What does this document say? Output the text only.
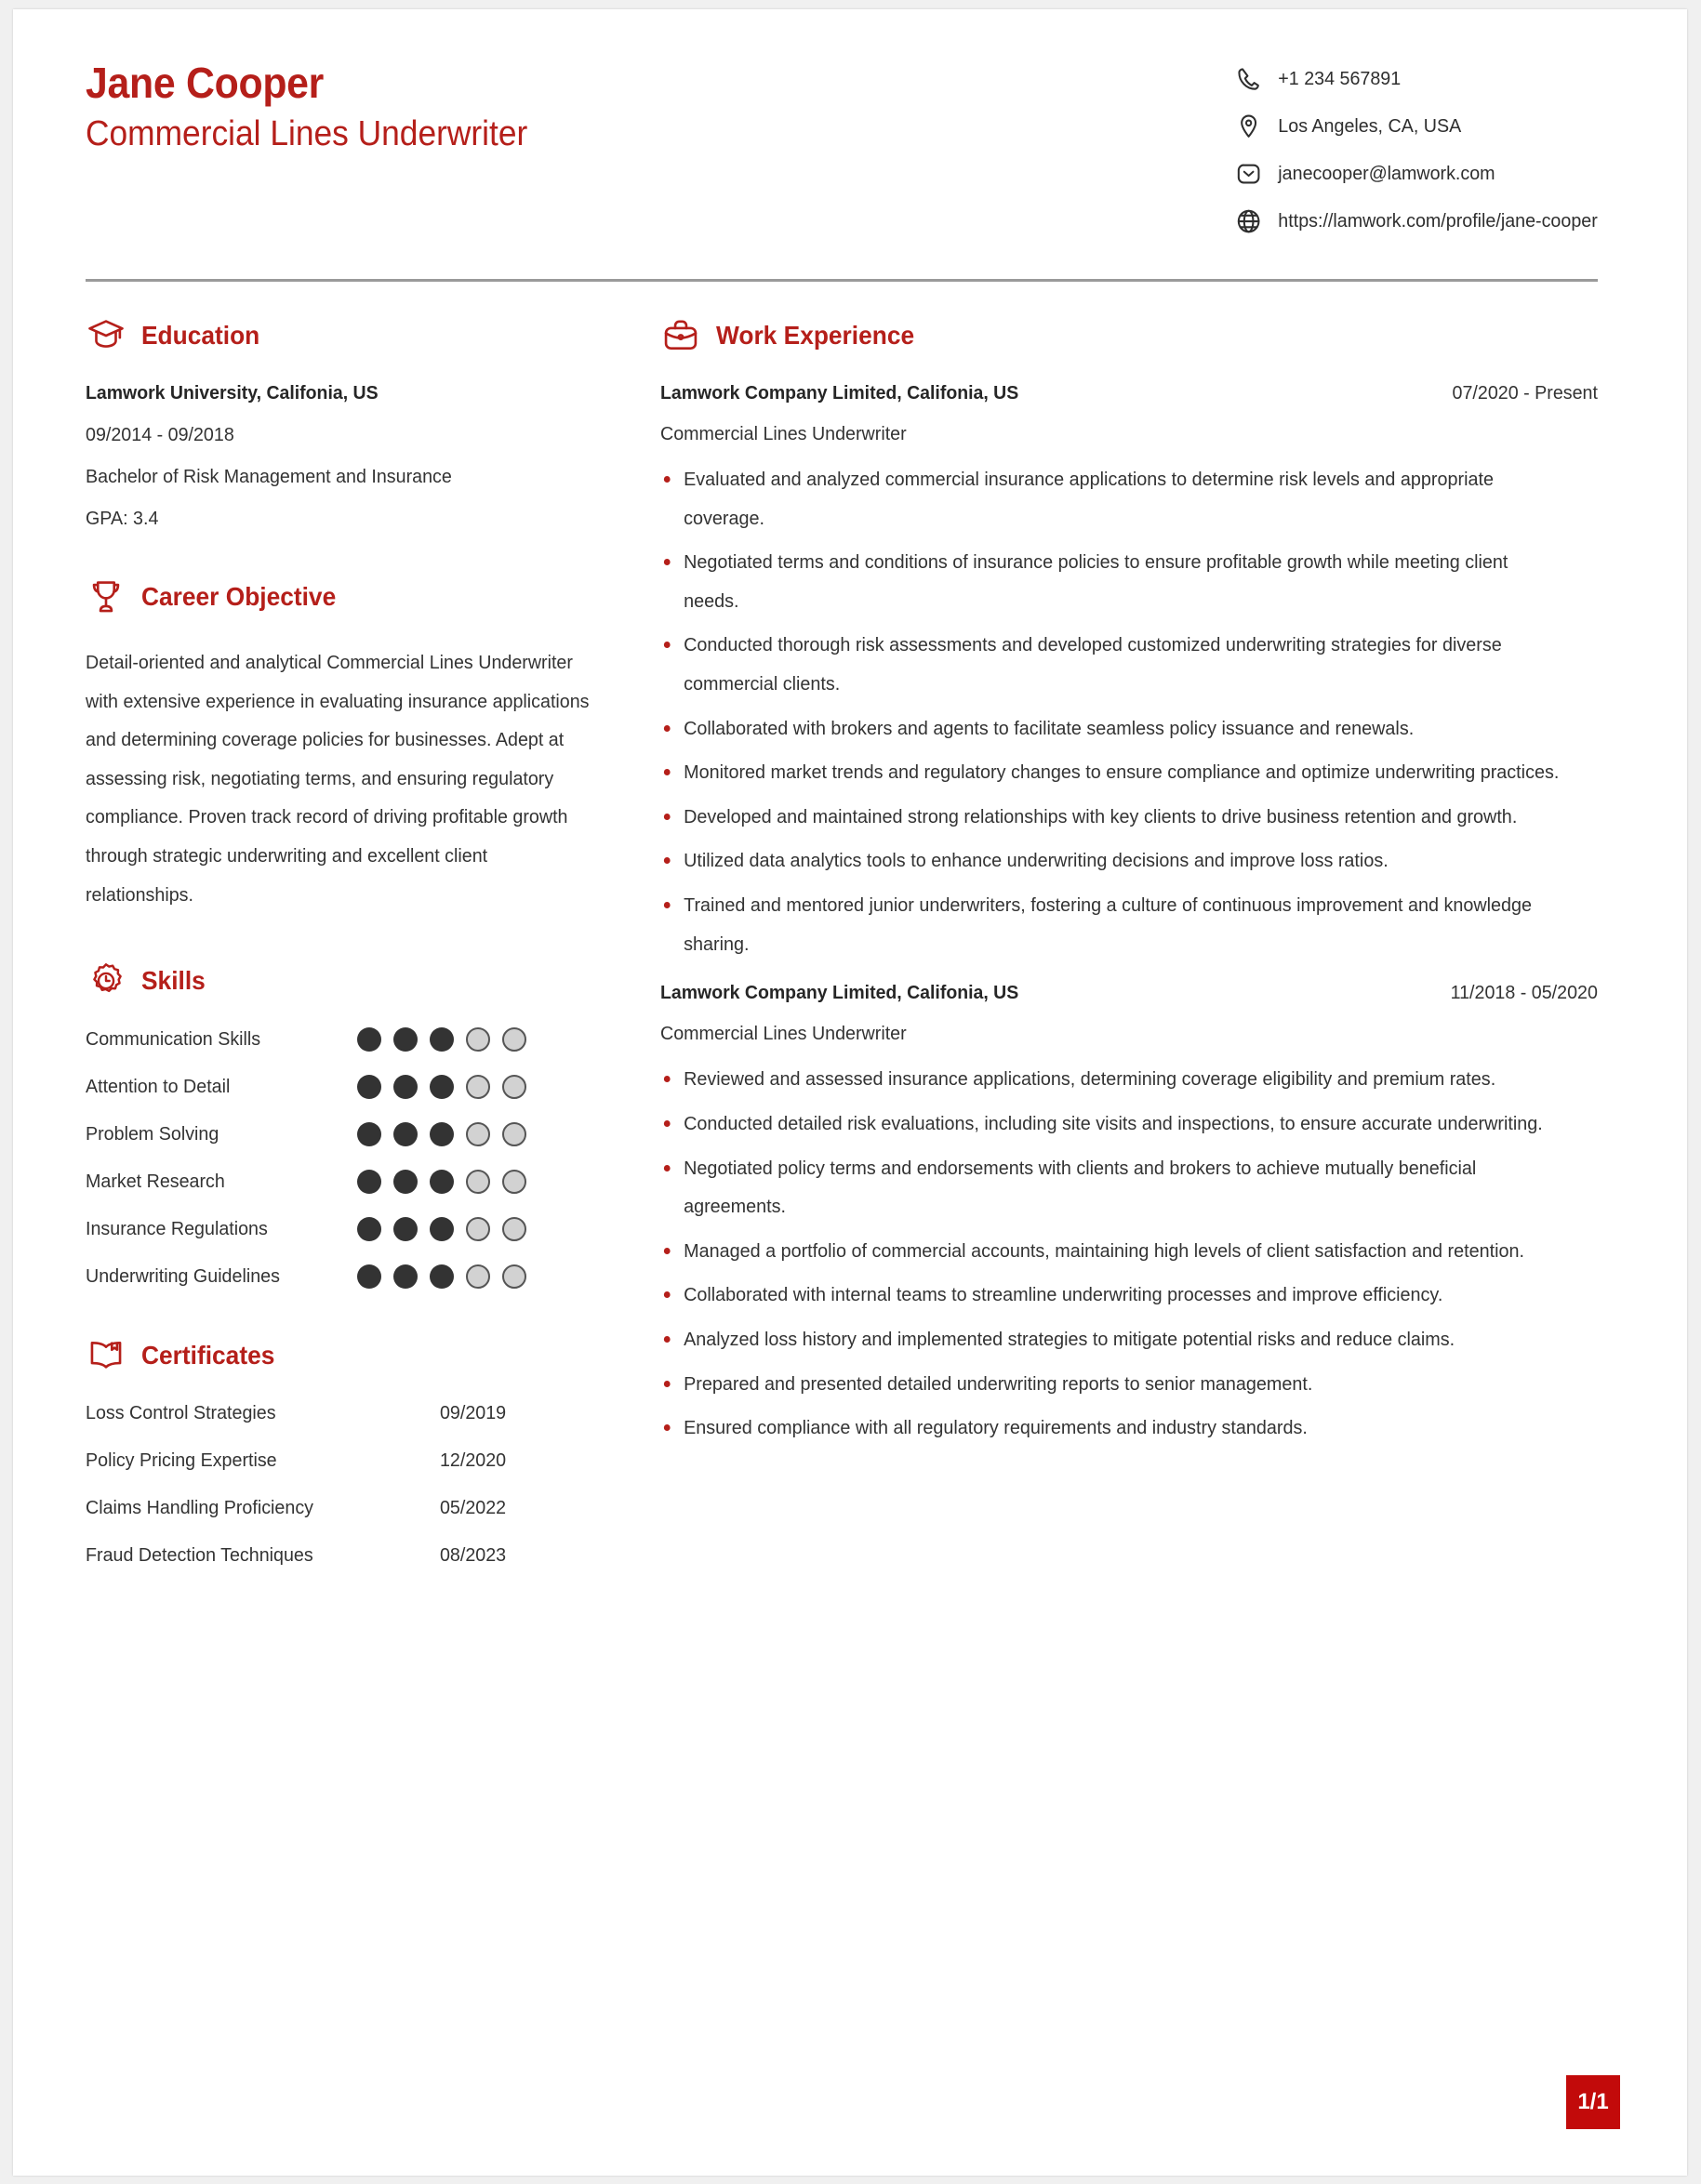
Jane Cooper
Commercial Lines Underwriter
+1 234 567891
Los Angeles, CA, USA
janecooper@lamwork.com
https://lamwork.com/profile/jane-cooper
Education
Lamwork University, Califonia, US
09/2014 - 09/2018
Bachelor of Risk Management and Insurance
GPA: 3.4
Career Objective
Detail-oriented and analytical Commercial Lines Underwriter with extensive experience in evaluating insurance applications and determining coverage policies for businesses. Adept at assessing risk, negotiating terms, and ensuring regulatory compliance. Proven track record of driving profitable growth through strategic underwriting and excellent client relationships.
Skills
Communication Skills
Attention to Detail
Problem Solving
Market Research
Insurance Regulations
Underwriting Guidelines
Certificates
Loss Control Strategies	09/2019
Policy Pricing Expertise	12/2020
Claims Handling Proficiency	05/2022
Fraud Detection Techniques	08/2023
Work Experience
Lamwork Company Limited, Califonia, US	07/2020 - Present
Commercial Lines Underwriter
Evaluated and analyzed commercial insurance applications to determine risk levels and appropriate coverage.
Negotiated terms and conditions of insurance policies to ensure profitable growth while meeting client needs.
Conducted thorough risk assessments and developed customized underwriting strategies for diverse commercial clients.
Collaborated with brokers and agents to facilitate seamless policy issuance and renewals.
Monitored market trends and regulatory changes to ensure compliance and optimize underwriting practices.
Developed and maintained strong relationships with key clients to drive business retention and growth.
Utilized data analytics tools to enhance underwriting decisions and improve loss ratios.
Trained and mentored junior underwriters, fostering a culture of continuous improvement and knowledge sharing.
Lamwork Company Limited, Califonia, US	11/2018 - 05/2020
Commercial Lines Underwriter
Reviewed and assessed insurance applications, determining coverage eligibility and premium rates.
Conducted detailed risk evaluations, including site visits and inspections, to ensure accurate underwriting.
Negotiated policy terms and endorsements with clients and brokers to achieve mutually beneficial agreements.
Managed a portfolio of commercial accounts, maintaining high levels of client satisfaction and retention.
Collaborated with internal teams to streamline underwriting processes and improve efficiency.
Analyzed loss history and implemented strategies to mitigate potential risks and reduce claims.
Prepared and presented detailed underwriting reports to senior management.
Ensured compliance with all regulatory requirements and industry standards.
1/1
